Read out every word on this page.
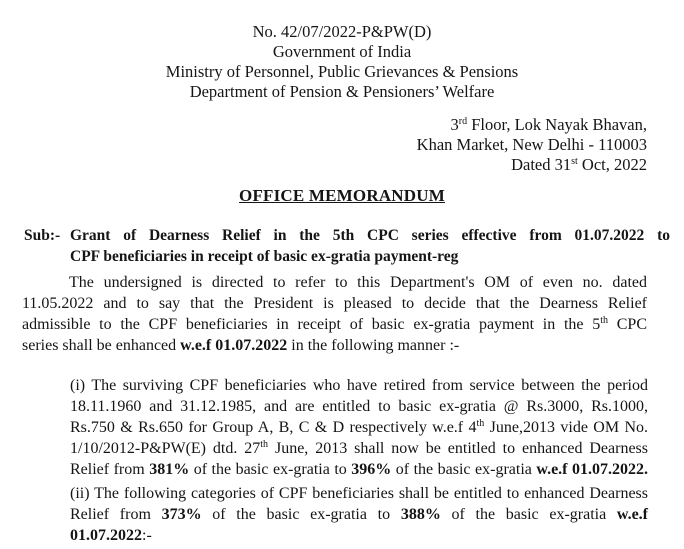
No. 42/07/2022-P&PW(D)
Government of India
Ministry of Personnel, Public Grievances & Pensions
Department of Pension & Pensioners’ Welfare
3rd Floor, Lok Nayak Bhavan,
Khan Market, New Delhi - 110003
Dated 31st Oct, 2022
OFFICE MEMORANDUM
Sub:- Grant of Dearness Relief in the 5th CPC series effective from 01.07.2022 to
CPF beneficiaries in receipt of basic ex-gratia payment-reg
The undersigned is directed to refer to this Department's OM of even no. dated
11.05.2022 and to say that the President is pleased to decide that the Dearness Relief
admissible to the CPF beneficiaries in receipt of basic ex-gratia payment in the 5th CPC
series shall be enhanced w.e.f 01.07.2022 in the following manner :-
(i) The surviving CPF beneficiaries who have retired from service between the period
18.11.1960 and 31.12.1985, and are entitled to basic ex-gratia @ Rs.3000, Rs.1000,
Rs.750 & Rs.650 for Group A, B, C & D respectively w.e.f 4th June,2013 vide OM No.
1/10/2012-P&PW(E) dtd. 27th June, 2013 shall now be entitled to enhanced Dearness
Relief from 381% of the basic ex-gratia to 396% of the basic ex-gratia w.e.f 01.07.2022.
(ii) The following categories of CPF beneficiaries shall be entitled to enhanced Dearness
Relief from 373% of the basic ex-gratia to 388% of the basic ex-gratia w.e.f
01.07.2022:-
